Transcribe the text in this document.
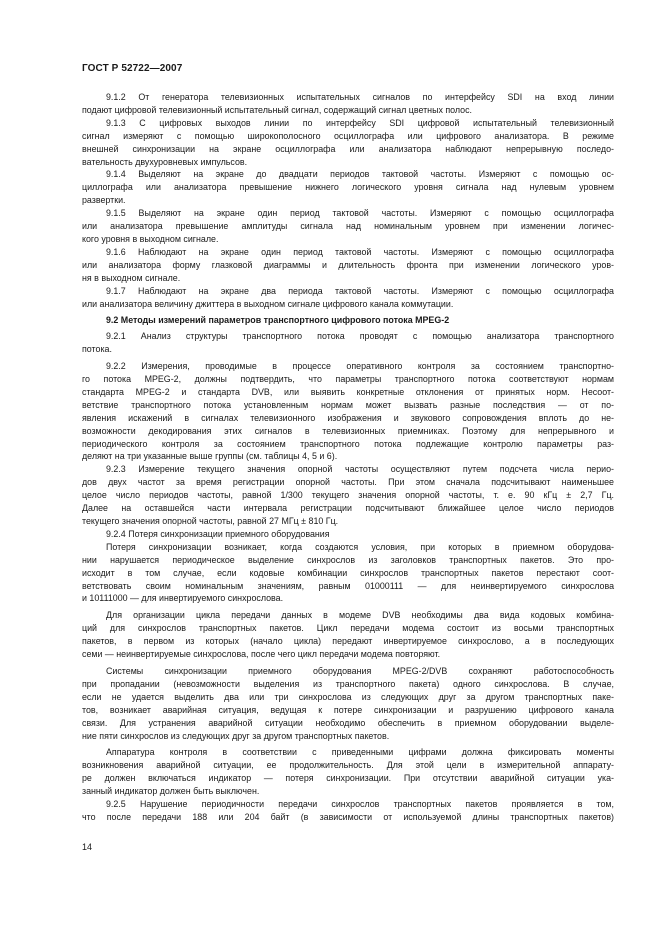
ГОСТ Р 52722—2007
9.1.2 От генератора телевизионных испытательных сигналов по интерфейсу SDI на вход линии
подают цифровой телевизионный испытательный сигнал, содержащий сигнал цветных полос.
9.1.3 С цифровых выходов линии по интерфейсу SDI цифровой испытательный телевизионный
сигнал измеряют с помощью широкополосного осциллографа или цифрового анализатора. В режиме
внешней синхронизации на экране осциллографа или анализатора наблюдают непрерывную последо-
вательность двухуровневых импульсов.
9.1.4 Выделяют на экране до двадцати периодов тактовой частоты. Измеряют с помощью ос-
циллографа или анализатора превышение нижнего логического уровня сигнала над нулевым уровнем
развертки.
9.1.5 Выделяют на экране один период тактовой частоты. Измеряют с помощью осциллографа
или анализатора превышение амплитуды сигнала над номинальным уровнем при изменении логичес-
кого уровня в выходном сигнале.
9.1.6 Наблюдают на экране один период тактовой частоты. Измеряют с помощью осциллографа
или анализатора форму глазковой диаграммы и длительность фронта при изменении логического уров-
ня в выходном сигнале.
9.1.7 Наблюдают на экране два периода тактовой частоты. Измеряют с помощью осциллографа
или анализатора величину джиттера в выходном сигнале цифрового канала коммутации.
9.2 Методы измерений параметров транспортного цифрового потока MPEG-2
9.2.1 Анализ структуры транспортного потока проводят с помощью анализатора транспортного
потока.
9.2.2 Измерения, проводимые в процессе оперативного контроля за состоянием транспортно-
го потока MPEG-2, должны подтвердить, что параметры транспортного потока соответствуют нормам
стандарта MPEG-2 и стандарта DVB, или выявить конкретные отклонения от принятых норм. Несоот-
ветствие транспортного потока установленным нормам может вызвать разные последствия — от по-
явления искажений в сигналах телевизионного изображения и звукового сопровождения вплоть до не-
возможности декодирования этих сигналов в телевизионных приемниках. Поэтому для непрерывного и
периодического контроля за состоянием транспортного потока подлежащие контролю параметры раз-
деляют на три указанные выше группы (см. таблицы 4, 5 и 6).
9.2.3 Измерение текущего значения опорной частоты осуществляют путем подсчета числа перио-
дов двух частот за время регистрации опорной частоты. При этом сначала подсчитывают наименьшее
целое число периодов частоты, равной 1/300 текущего значения опорной частоты, т. е. 90 кГц ± 2,7 Гц.
Далее на оставшейся части интервала регистрации подсчитывают ближайшее целое число периодов
текущего значения опорной частоты, равной 27 МГц ± 810 Гц.
9.2.4 Потеря синхронизации приемного оборудования
Потеря синхронизации возникает, когда создаются условия, при которых в приемном оборудова-
нии нарушается периодическое выделение синхрослов из заголовков транспортных пакетов. Это про-
исходит в том случае, если кодовые комбинации синхрослов транспортных пакетов перестают соот-
ветствовать своим номинальным значениям, равным 01000111 — для неинвертируемого синхрослова
и 10111000 — для инвертируемого синхрослова.
Для организации цикла передачи данных в модеме DVB необходимы два вида кодовых комбина-
ций для синхрослов транспортных пакетов. Цикл передачи модема состоит из восьми транспортных
пакетов, в первом из которых (начало цикла) передают инвертируемое синхрослово, а в последующих
семи — неинвертируемые синхрослова, после чего цикл передачи модема повторяют.
Системы синхронизации приемного оборудования MPEG-2/DVB сохраняют работоспособность
при пропадании (невозможности выделения из транспортного пакета) одного синхрослова. В случае,
если не удается выделить два или три синхрослова из следующих друг за другом транспортных паке-
тов, возникает аварийная ситуация, ведущая к потере синхронизации и разрушению цифрового канала
связи. Для устранения аварийной ситуации необходимо обеспечить в приемном оборудовании выделе-
ние пяти синхрослов из следующих друг за другом транспортных пакетов.
Аппаратура контроля в соответствии с приведенными цифрами должна фиксировать моменты
возникновения аварийной ситуации, ее продолжительность. Для этой цели в измерительной аппарату-
ре должен включаться индикатор — потеря синхронизации. При отсутствии аварийной ситуации ука-
занный индикатор должен быть выключен.
9.2.5 Нарушение периодичности передачи синхрослов транспортных пакетов проявляется в том,
что после передачи 188 или 204 байт (в зависимости от используемой длины транспортных пакетов)
14
